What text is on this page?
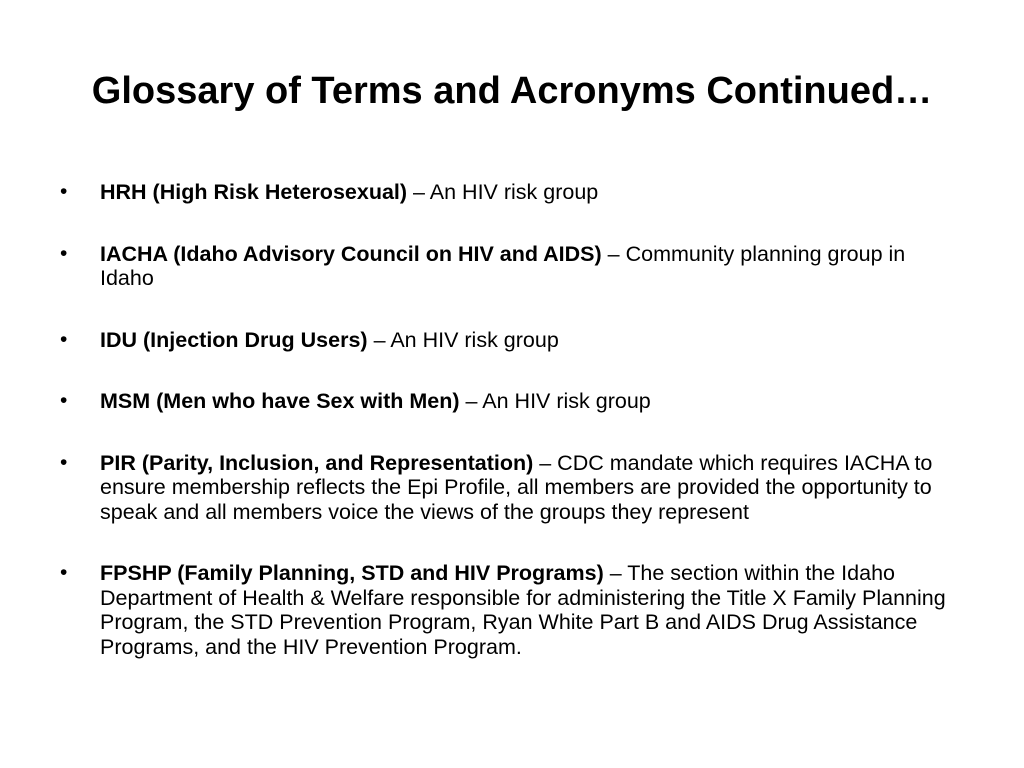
Glossary of Terms and Acronyms Continued…
•	HRH (High Risk Heterosexual) – An HIV risk group
•	IACHA (Idaho Advisory Council on HIV and AIDS) – Community planning group in Idaho
•	IDU (Injection Drug Users) – An HIV risk group
•	MSM (Men who have Sex with Men) – An HIV risk group
•	PIR (Parity, Inclusion, and Representation) – CDC mandate which requires IACHA to ensure membership reflects the Epi Profile, all members are provided the opportunity to speak and all members voice the views of the groups they represent
•	FPSHP (Family Planning, STD and HIV Programs) – The section within the Idaho Department of Health & Welfare responsible for administering the Title X Family Planning Program, the STD Prevention Program, Ryan White Part B and AIDS Drug Assistance Programs, and the HIV Prevention Program.
